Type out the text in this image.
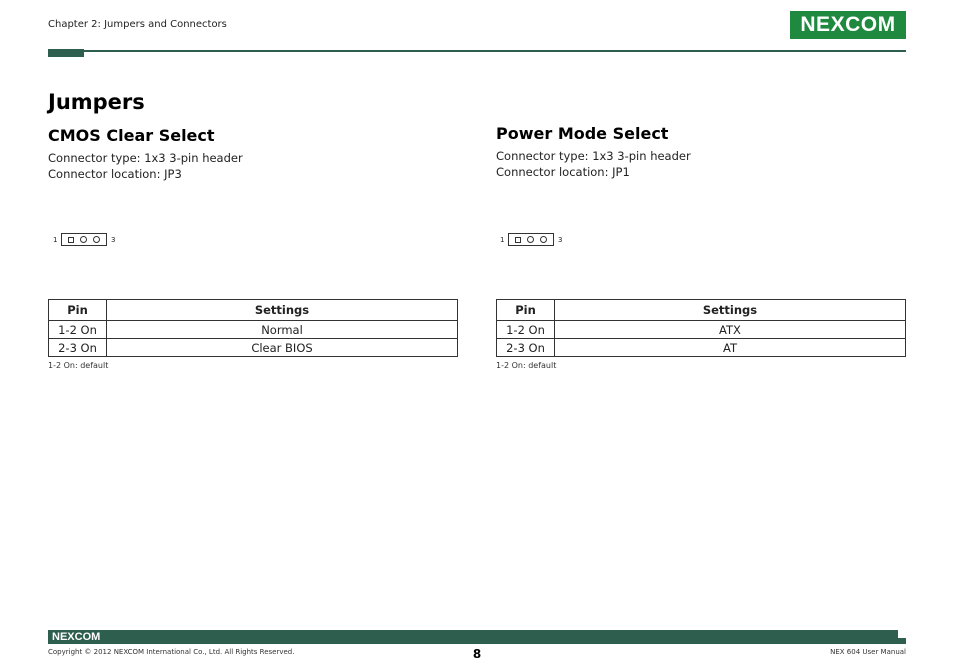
Chapter 2: Jumpers and Connectors	NE X COM
Jumpers
CMOS Clear Select
Connector type: 1x3 3-pin header
Connector location: JP3
1	3
Pin	Settings
1-2 On	Normal
2-3 On	Clear BIOS
1-2 On: default
Power Mode Select
Connector type: 1x3 3-pin header
Connector location: JP1
1	3
Pin	Settings
1-2 On	ATX
2-3 On	AT
1-2 On: default
NEXCOM
Copyright © 2012 NEXCOM International Co., Ltd. All Rights Reserved.	8	NEX 604 User Manual
